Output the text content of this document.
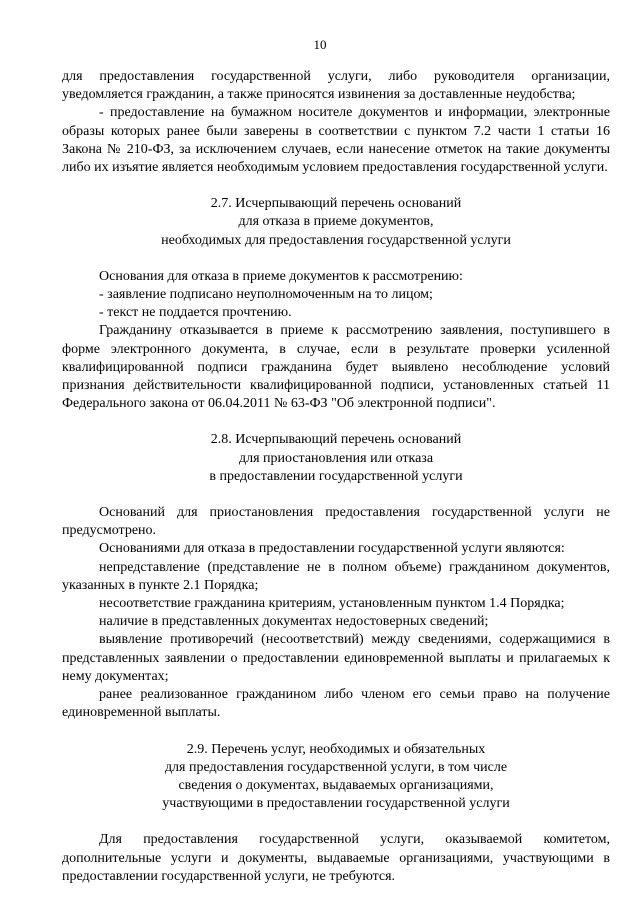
10

для предоставления государственной услуги, либо руководителя организации, уведомляется гражданин, а также приносятся извинения за доставленные неудобства;

- предоставление на бумажном носителе документов и информации, электронные образы которых ранее были заверены в соответствии с пунктом 7.2 части 1 статьи 16 Закона № 210-ФЗ, за исключением случаев, если нанесение отметок на такие документы либо их изъятие является необходимым условием предоставления государственной услуги.

2.7. Исчерпывающий перечень оснований

для отказа в приеме документов,

необходимых для предоставления государственной услуги

Основания для отказа в приеме документов к рассмотрению:

- заявление подписано неуполномоченным на то лицом;

- текст не поддается прочтению.

Гражданину отказывается в приеме к рассмотрению заявления, поступившего в форме электронного документа, в случае, если в результате проверки усиленной квалифицированной подписи гражданина будет выявлено несоблюдение условий признания действительности квалифицированной подписи, установленных статьей 11 Федерального закона от 06.04.2011 № 63-ФЗ "Об электронной подписи".

2.8. Исчерпывающий перечень оснований

для приостановления или отказа

в предоставлении государственной услуги

Оснований для приостановления предоставления государственной услуги не предусмотрено.

Основаниями для отказа в предоставлении государственной услуги являются:

непредставление (представление не в полном объеме) гражданином документов, указанных в пункте 2.1 Порядка;

несоответствие гражданина критериям, установленным пунктом 1.4 Порядка;

наличие в представленных документах недостоверных сведений;

выявление противоречий (несоответствий) между сведениями, содержащимися в представленных заявлении о предоставлении единовременной выплаты и прилагаемых к нему документах;

ранее реализованное гражданином либо членом его семьи право на получение единовременной выплаты.

2.9. Перечень услуг, необходимых и обязательных

для предоставления государственной услуги, в том числе

сведения о документах, выдаваемых организациями,

участвующими в предоставлении государственной услуги

Для предоставления государственной услуги, оказываемой комитетом, дополнительные услуги и документы, выдаваемые организациями, участвующими в предоставлении государственной услуги, не требуются.
